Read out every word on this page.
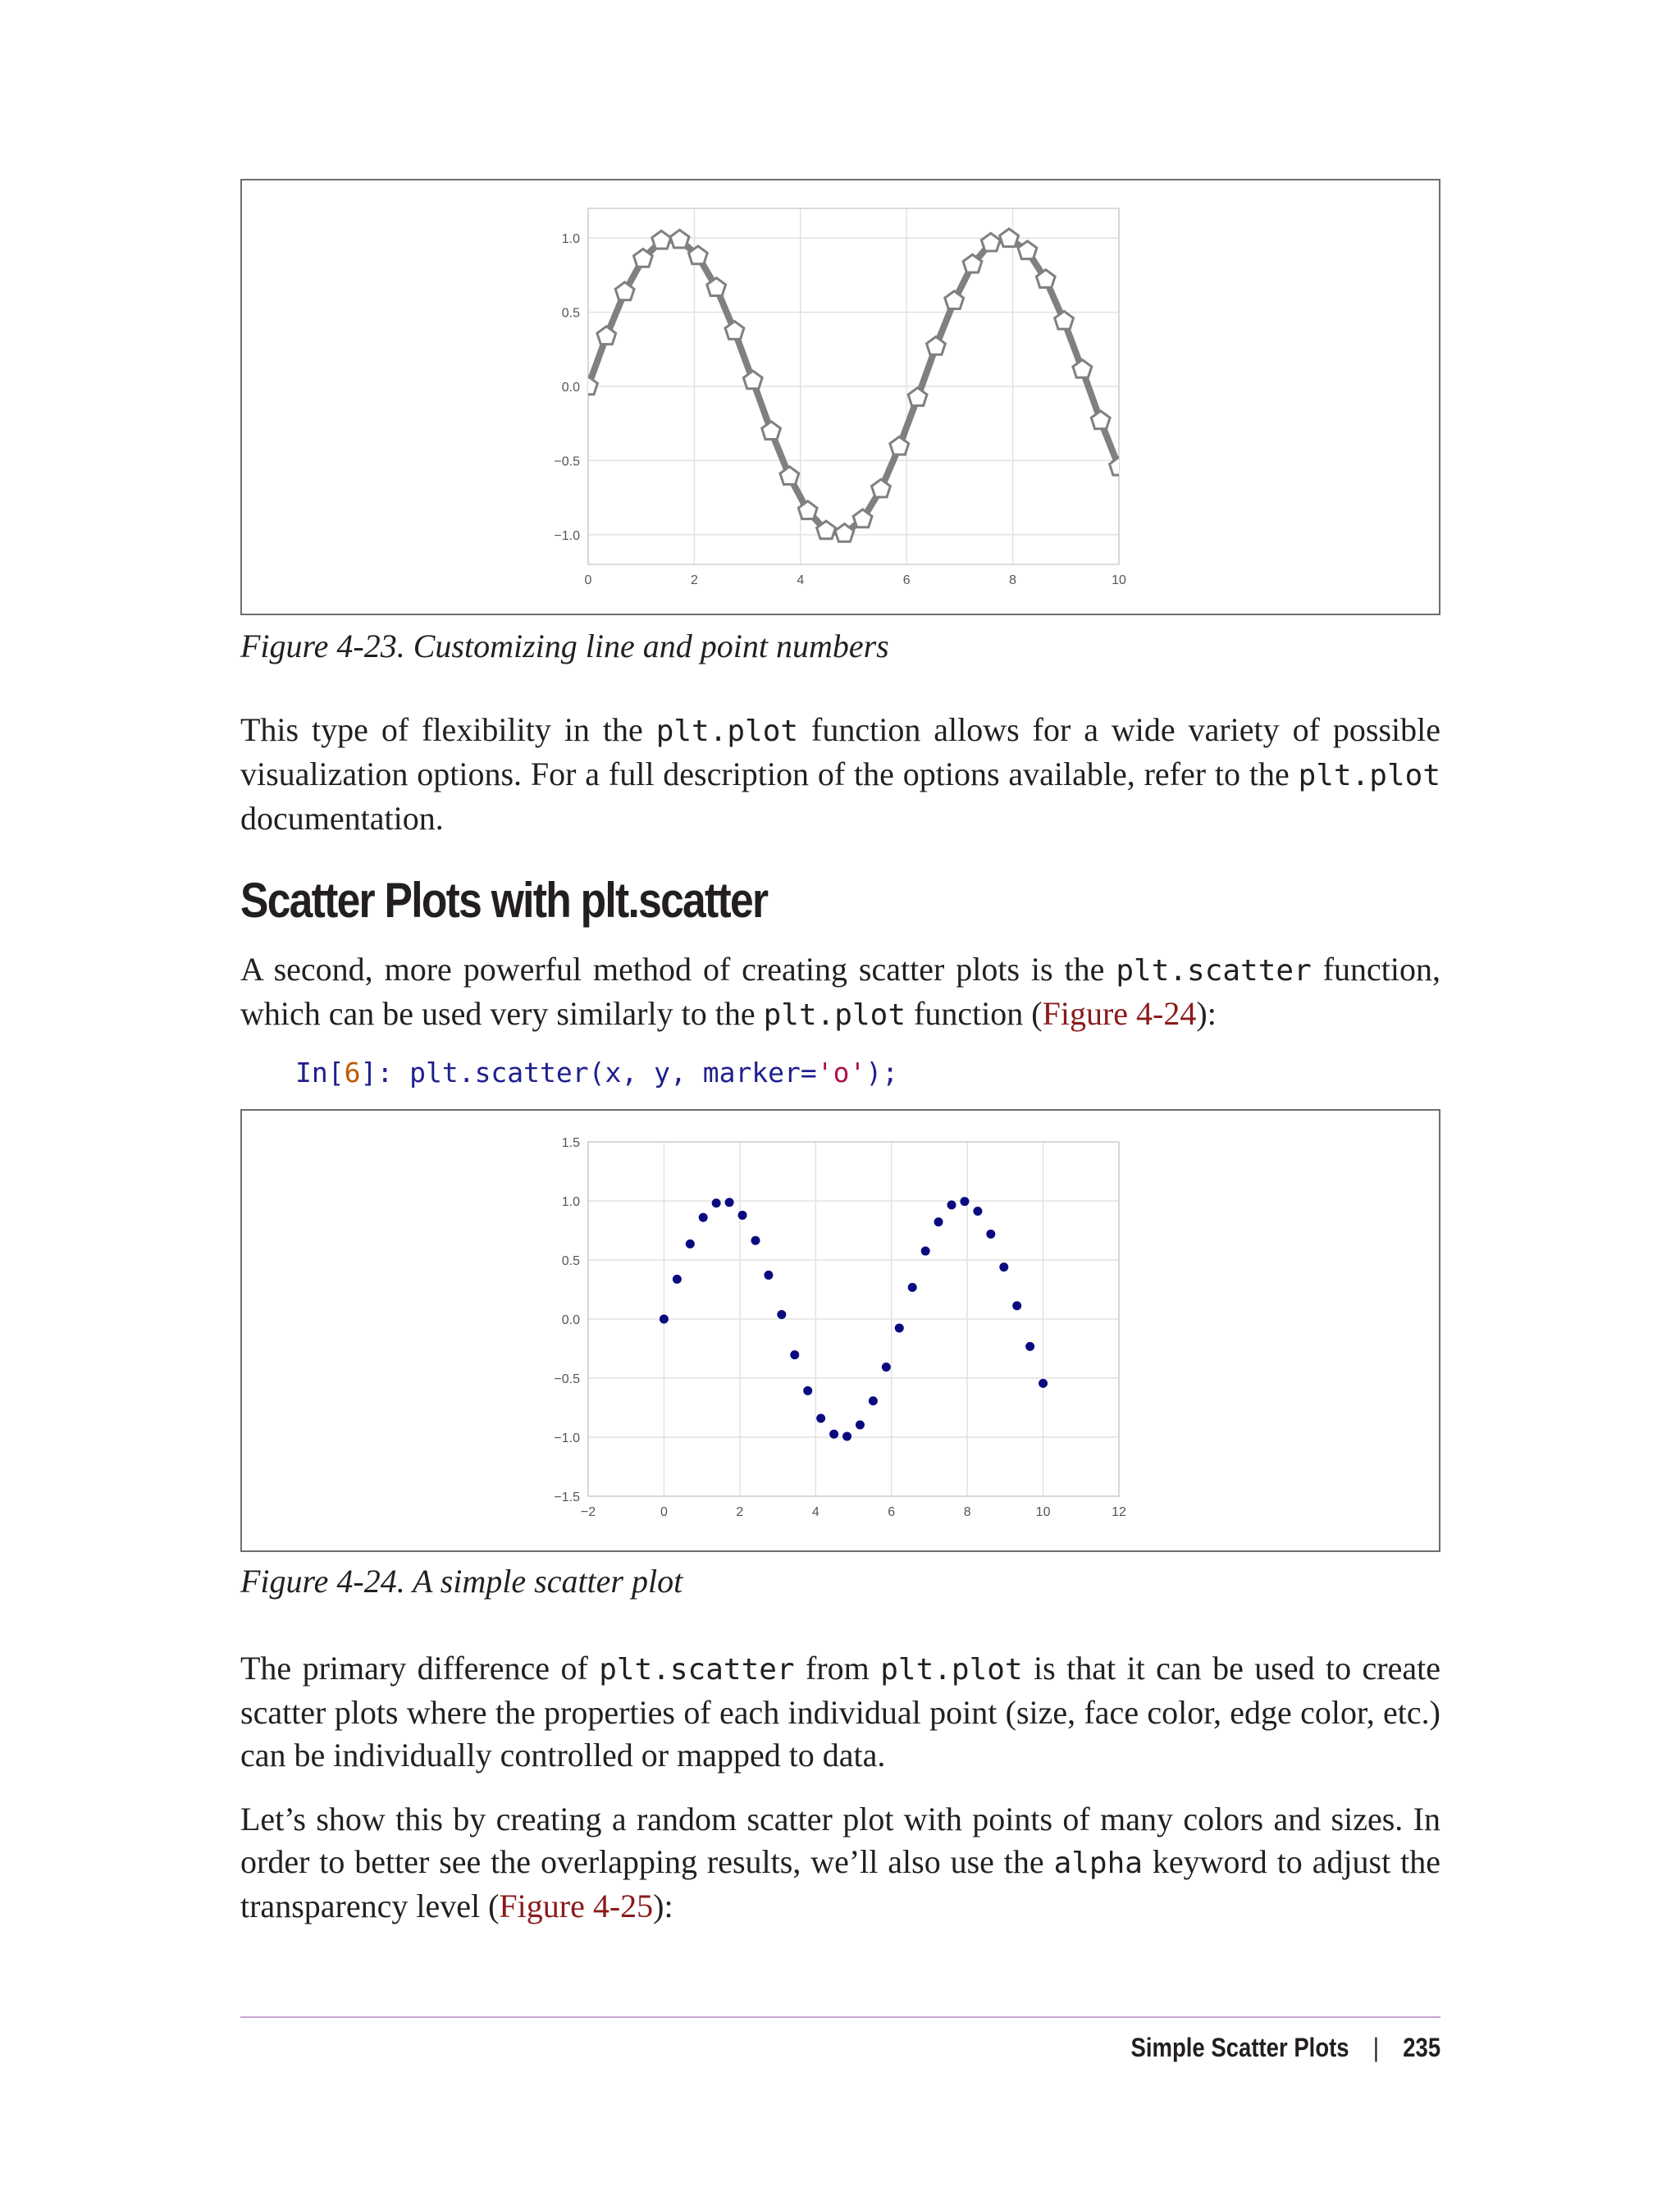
0	2	4	6	8	10
1.0
0.5
0.0
−0.5
−1.0
Figure 4-23. Customizing line and point numbers

This type of flexibility in the plt.plot function allows for a wide variety of possible visualization options. For a full description of the options available, refer to the plt.plot documentation.

Scatter Plots with plt.scatter

A second, more powerful method of creating scatter plots is the plt.scatter function, which can be used very similarly to the plt.plot function (Figure 4-24):

In[6]: plt.scatter(x, y, marker='o');
−2	0	2	4	6	8	10	12
1.5
1.0
0.5
0.0
−0.5
−1.0
−1.5
Figure 4-24. A simple scatter plot

The primary difference of plt.scatter from plt.plot is that it can be used to create scatter plots where the properties of each individual point (size, face color, edge color, etc.) can be individually controlled or mapped to data.

Let’s show this by creating a random scatter plot with points of many colors and sizes. In order to better see the overlapping results, we’ll also use the alpha keyword to adjust the transparency level (Figure 4-25):

Simple Scatter Plots | 235
